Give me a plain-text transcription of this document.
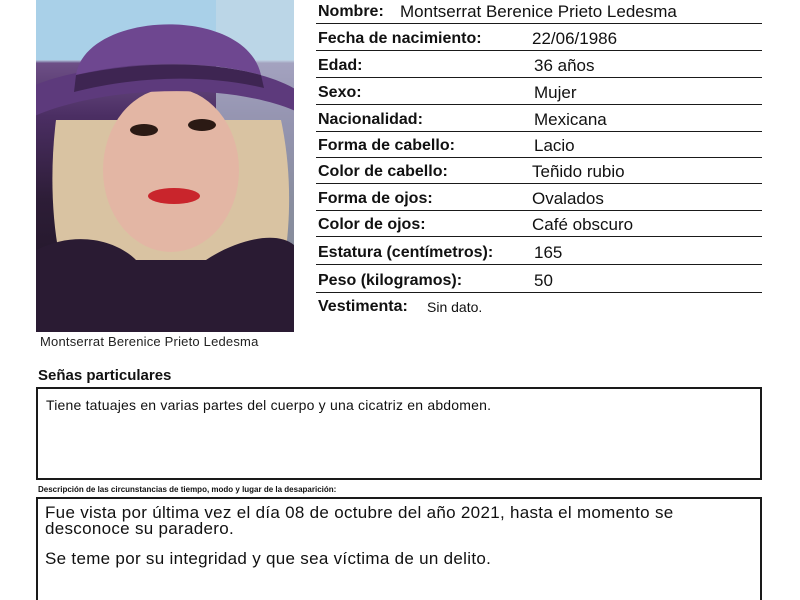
Montserrat Berenice Prieto Ledesma
Nombre: Montserrat Berenice Prieto Ledesma
Fecha de nacimiento:	22/06/1986
Edad:	36 años
Sexo:	Mujer
Nacionalidad:	Mexicana
Forma de cabello:	Lacio
Color de cabello:	Teñido rubio
Forma de ojos:	Ovalados
Color de ojos:	Café obscuro
Estatura (centímetros): 165
Peso (kilogramos):	50
Vestimenta: Sin dato.
Señas particulares
Tiene tatuajes en varias partes del cuerpo y una cicatriz en abdomen.
Descripción de las circunstancias de tiempo, modo y lugar de la desaparición:

Fue vista por última vez el día 08 de octubre del año 2021, hasta el momento se desconoce su paradero.

Se teme por su integridad y que sea víctima de un delito.
